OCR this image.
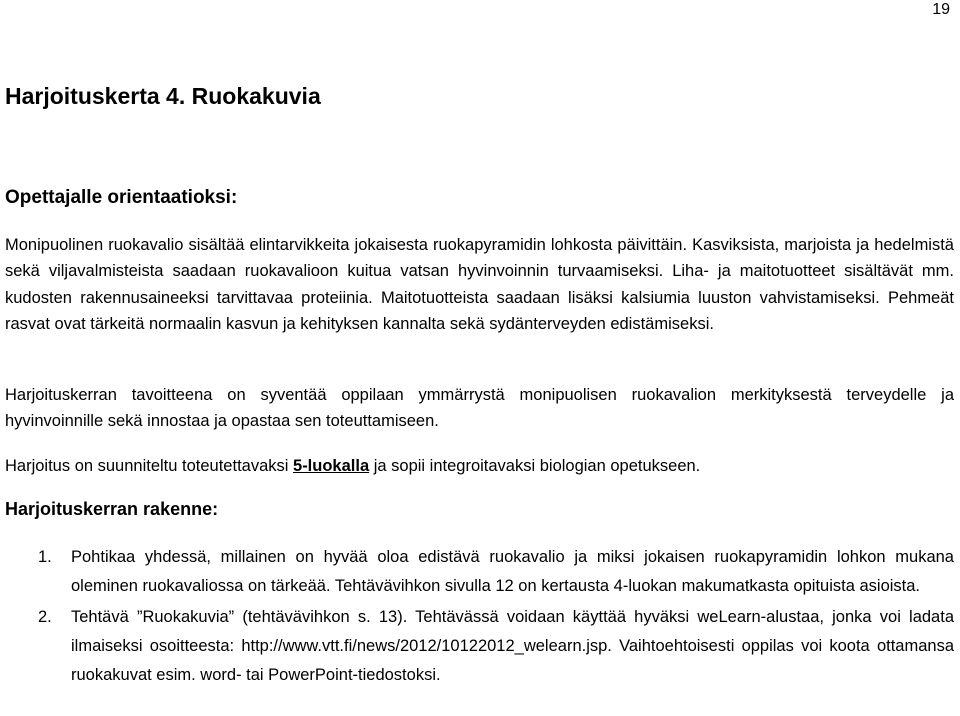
19
Harjoituskerta 4. Ruokakuvia
Opettajalle orientaatioksi:
Monipuolinen ruokavalio sisältää elintarvikkeita jokaisesta ruokapyramidin lohkosta päivittäin. Kasviksista, marjoista ja hedelmistä sekä viljavalmisteista saadaan ruokavalioon kuitua vatsan hyvinvoinnin turvaamiseksi. Liha- ja maitotuotteet sisältävät mm. kudosten rakennusaineeksi tarvittavaa proteiinia. Maitotuotteista saadaan lisäksi kalsiumia luuston vahvistamiseksi. Pehmeät rasvat ovat tärkeitä normaalin kasvun ja kehityksen kannalta sekä sydänterveyden edistämiseksi.
Harjoituskerran tavoitteena on syventää oppilaan ymmärrystä monipuolisen ruokavalion merkityksestä terveydelle ja hyvinvoinnille sekä innostaa ja opastaa sen toteuttamiseen.
Harjoitus on suunniteltu toteutettavaksi 5-luokalla ja sopii integroitavaksi biologian opetukseen.
Harjoituskerran rakenne:
1.	Pohtikaa yhdessä, millainen on hyvää oloa edistävä ruokavalio ja miksi jokaisen ruokapyramidin lohkon mukana oleminen ruokavaliossa on tärkeää. Tehtävävihkon sivulla 12 on kertausta 4-luokan makumatkasta opituista asioista.
2.	Tehtävä ”Ruokakuvia” (tehtävävihkon s. 13). Tehtävässä voidaan käyttää hyväksi weLearn-alustaa, jonka voi ladata ilmaiseksi osoitteesta: http://www.vtt.fi/news/2012/10122012_welearn.jsp. Vaihtoehtoisesti oppilas voi koota ottamansa ruokakuvat esim. word- tai PowerPoint-tiedostoksi.
